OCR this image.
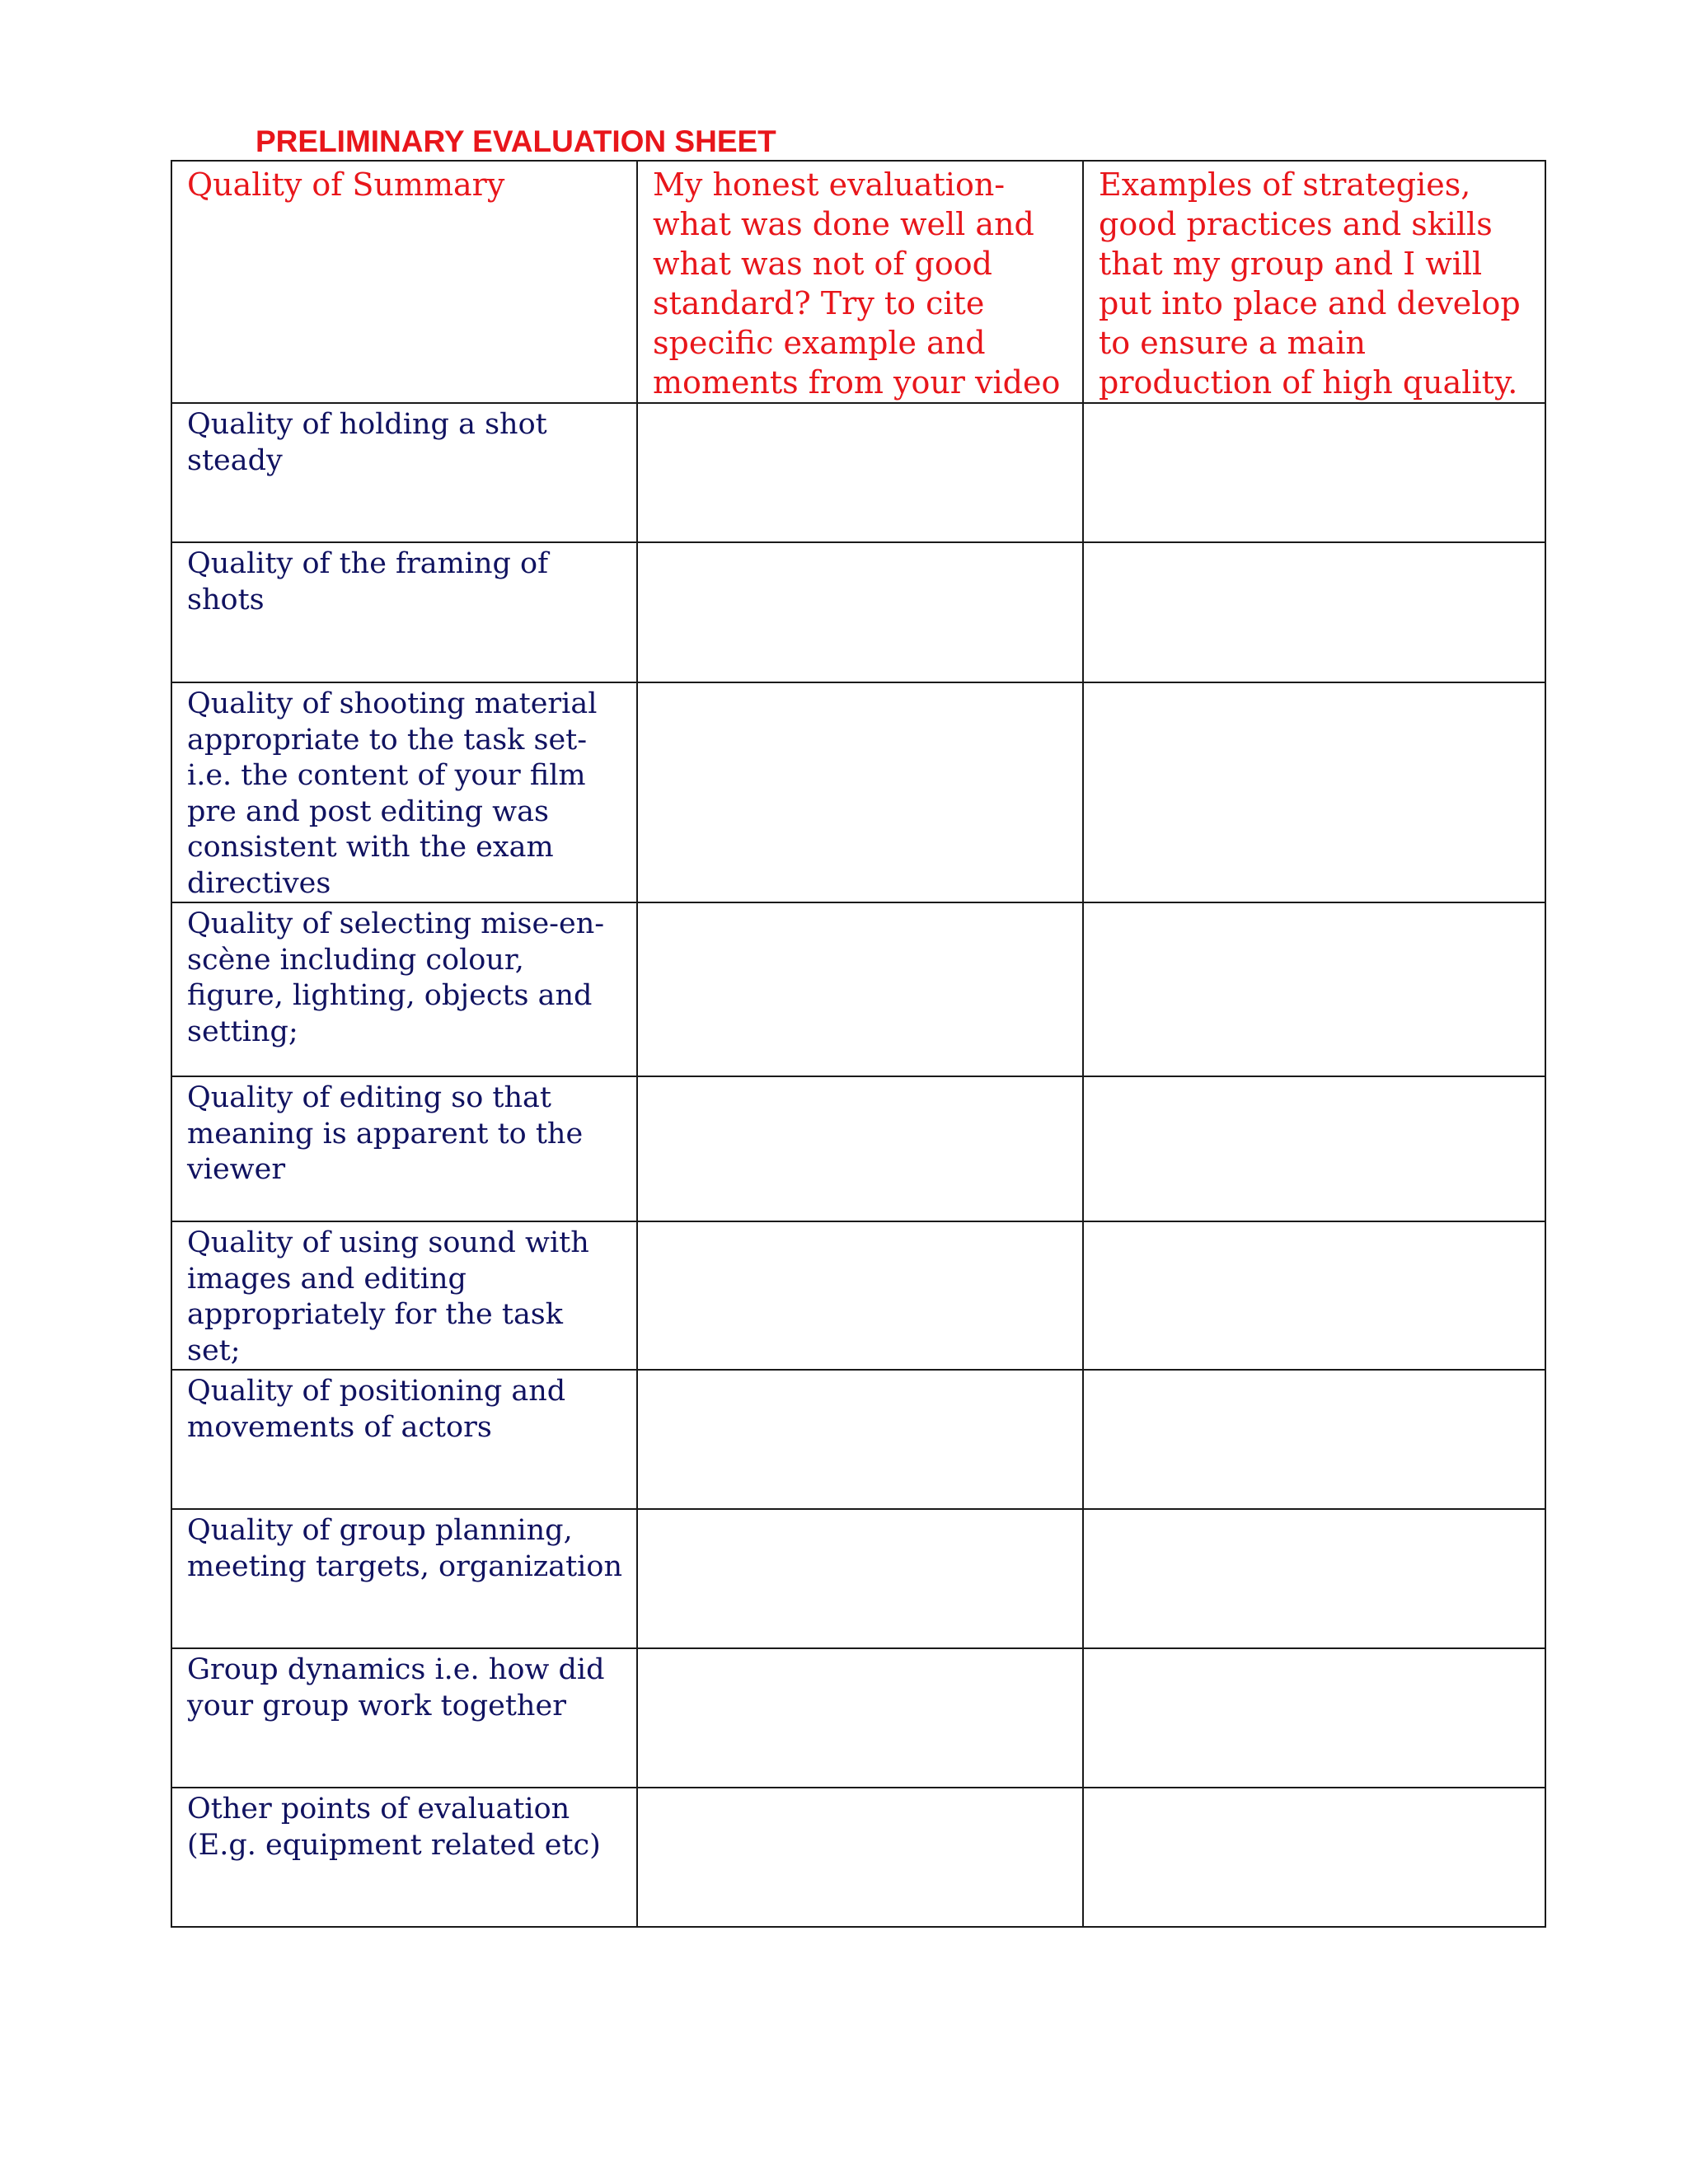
PRELIMINARY EVALUATION SHEET
Quality of Summary	My honest evaluation- what was done well and what was not of good standard? Try to cite specific example and moments from your video	Examples of strategies, good practices and skills that my group and I will put into place and develop to ensure a main production of high quality.
Quality of holding a shot steady		
Quality of the framing of shots		
Quality of shooting material appropriate to the task set- i.e. the content of your film pre and post editing was consistent with the exam directives		
Quality of selecting mise-en-scène including colour, figure, lighting, objects and setting;		
Quality of editing so that meaning is apparent to the viewer		
Quality of using sound with images and editing appropriately for the task set;		
Quality of positioning and movements of actors		
Quality of group planning, meeting targets, organization		
Group dynamics i.e. how did your group work together		
Other points of evaluation (E.g. equipment related etc)		
